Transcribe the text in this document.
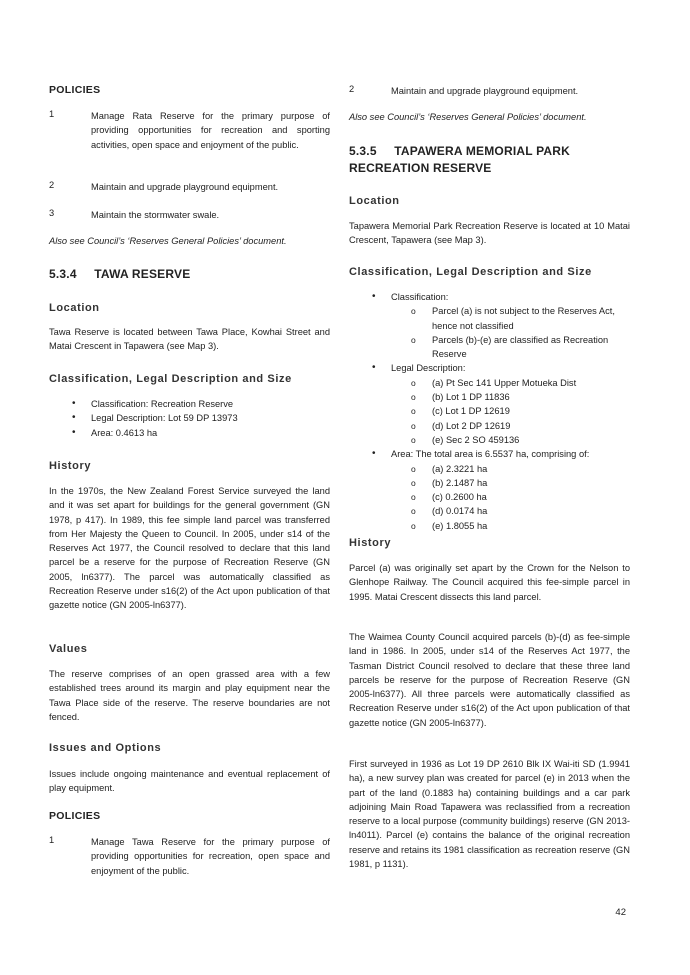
POLICIES
1	Manage Rata Reserve for the primary purpose of providing opportunities for recreation and sporting activities, open space and enjoyment of the public.
2	Maintain and upgrade playground equipment.
3	Maintain the stormwater swale.
Also see Council’s ‘Reserves General Policies’ document.
5.3.4 TAWA RESERVE
Location
Tawa Reserve is located between Tawa Place, Kowhai Street and Matai Crescent in Tapawera (see Map 3).
Classification, Legal Description and Size
• Classification: Recreation Reserve
• Legal Description: Lot 59 DP 13973
• Area: 0.4613 ha
History
In the 1970s, the New Zealand Forest Service surveyed the land and it was set apart for buildings for the general government (GN 1978, p 417). In 1989, this fee simple land parcel was transferred from Her Majesty the Queen to Council. In 2005, under s14 of the Reserves Act 1977, the Council resolved to declare that this land parcel be a reserve for the purpose of Recreation Reserve (GN 2005, ln6377). The parcel was automatically classified as Recreation Reserve under s16(2) of the Act upon publication of that gazette notice (GN 2005-ln6377).
Values
The reserve comprises of an open grassed area with a few established trees around its margin and play equipment near the Tawa Place side of the reserve. The reserve boundaries are not fenced.
Issues and Options
Issues include ongoing maintenance and eventual replacement of play equipment.
POLICIES
1	Manage Tawa Reserve for the primary purpose of providing opportunities for recreation, open space and enjoyment of the public.
2	Maintain and upgrade playground equipment.
Also see Council’s ‘Reserves General Policies’ document.
5.3.5 TAPAWERA MEMORIAL PARK
RECREATION RESERVE
Location
Tapawera Memorial Park Recreation Reserve is located at 10 Matai Crescent, Tapawera (see Map 3).
Classification, Legal Description and Size
• Classification:
o Parcel (a) is not subject to the Reserves Act, hence not classified
o Parcels (b)-(e) are classified as Recreation Reserve
• Legal Description:
o (a) Pt Sec 141 Upper Motueka Dist
o (b) Lot 1 DP 11836
o (c) Lot 1 DP 12619
o (d) Lot 2 DP 12619
o (e) Sec 2 SO 459136
• Area: The total area is 6.5537 ha, comprising of:
o (a) 2.3221 ha
o (b) 2.1487 ha
o (c) 0.2600 ha
o (d) 0.0174 ha
o (e) 1.8055 ha
History
Parcel (a) was originally set apart by the Crown for the Nelson to Glenhope Railway. The Council acquired this fee-simple parcel in 1995. Matai Crescent dissects this land parcel.
The Waimea County Council acquired parcels (b)-(d) as fee-simple land in 1986. In 2005, under s14 of the Reserves Act 1977, the Tasman District Council resolved to declare that these three land parcels be reserve for the purpose of Recreation Reserve (GN 2005-ln6377). All three parcels were automatically classified as Recreation Reserve under s16(2) of the Act upon publication of that gazette notice (GN 2005-ln6377).
First surveyed in 1936 as Lot 19 DP 2610 Blk IX Wai-iti SD (1.9941 ha), a new survey plan was created for parcel (e) in 2013 when the part of the land (0.1883 ha) containing buildings and a car park adjoining Main Road Tapawera was reclassified from a recreation reserve to a local purpose (community buildings) reserve (GN 2013-ln4011). Parcel (e) contains the balance of the original recreation reserve and retains its 1981 classification as recreation reserve (GN 1981, p 1131).
42
